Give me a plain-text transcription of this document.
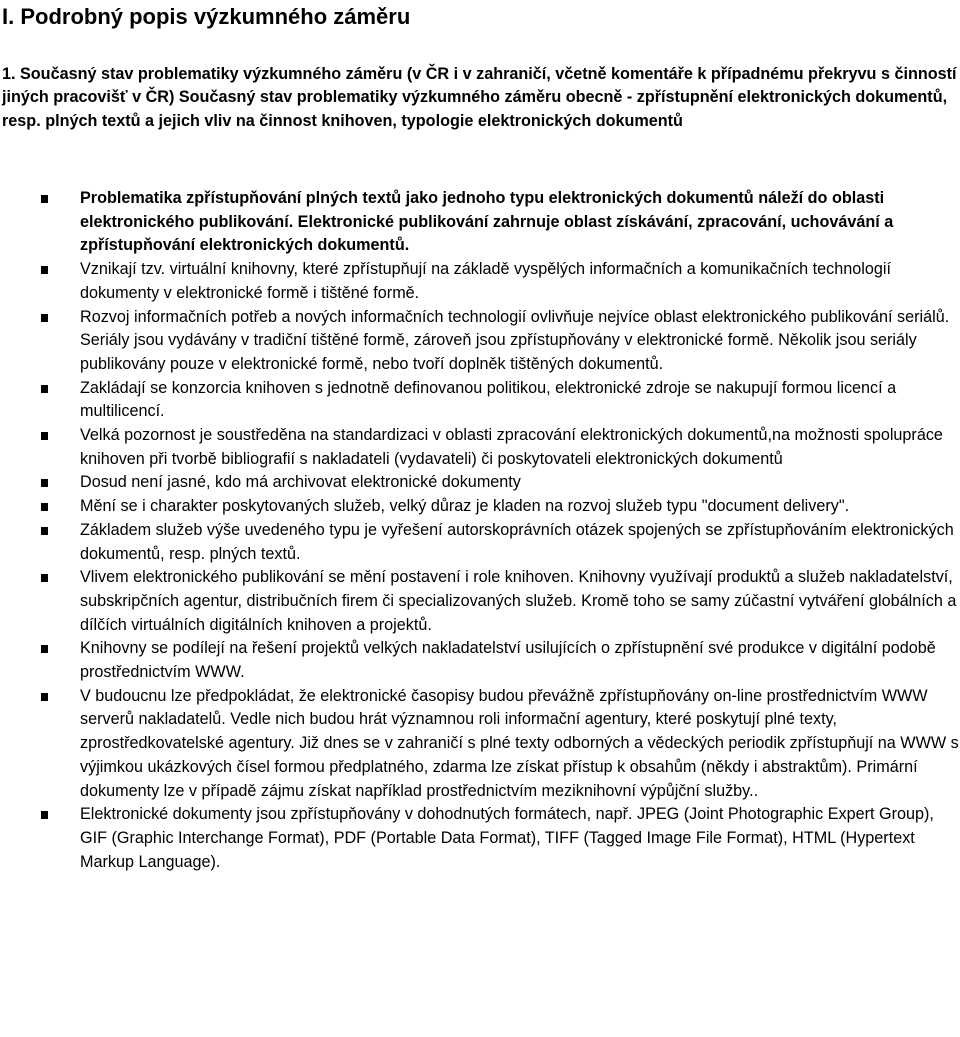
I. Podrobný popis výzkumného záměru
1. Současný stav problematiky výzkumného záměru (v ČR i v zahraničí, včetně komentáře k případnému překryvu s činností jiných pracovišť v ČR) Současný stav problematiky výzkumného záměru obecně - zpřístupnění elektronických dokumentů, resp. plných textů a jejich vliv na činnost knihoven, typologie elektronických dokumentů
Problematika zpřístupňování plných textů jako jednoho typu elektronických dokumentů náleží do oblasti elektronického publikování. Elektronické publikování zahrnuje oblast získávání, zpracování, uchovávání a zpřístupňování elektronických dokumentů.
Vznikají tzv. virtuální knihovny, které zpřístupňují na základě vyspělých informačních a komunikačních technologií dokumenty v elektronické formě i tištěné formě.
Rozvoj informačních potřeb a nových informačních technologií ovlivňuje nejvíce oblast elektronického publikování seriálů. Seriály jsou vydávány v tradiční tištěné formě, zároveň jsou zpřístupňovány v elektronické formě. Několik jsou seriály publikovány pouze v elektronické formě, nebo tvoří doplněk tištěných dokumentů.
Zakládají se konzorcia knihoven s jednotně definovanou politikou, elektronické zdroje se nakupují formou licencí a multilicencí.
Velká pozornost je soustředěna na standardizaci v oblasti zpracování elektronických dokumentů,na možnosti spolupráce knihoven při tvorbě bibliografií s nakladateli (vydavateli) či poskytovateli elektronických dokumentů
Dosud není jasné, kdo má archivovat elektronické dokumenty
Mění se i charakter poskytovaných služeb, velký důraz je kladen na rozvoj služeb typu "document delivery".
Základem služeb výše uvedeného typu je vyřešení autorskoprávních otázek spojených se zpřístupňováním elektronických dokumentů, resp. plných textů.
Vlivem elektronického publikování se mění postavení i role knihoven. Knihovny využívají produktů a služeb nakladatelství, subskripčních agentur, distribučních firem či specializovaných služeb. Kromě toho se samy zúčastní vytváření globálních a dílčích virtuálních digitálních knihoven a projektů.
Knihovny se podílejí na řešení projektů velkých nakladatelství usilujících o zpřístupnění své produkce v digitální podobě prostřednictvím WWW.
V budoucnu lze předpokládat, že elektronické časopisy budou převážně zpřístupňovány on-line prostřednictvím WWW serverů nakladatelů. Vedle nich budou hrát významnou roli informační agentury, které poskytují plné texty, zprostředkovatelské agentury. Již dnes se v zahraničí s plné texty odborných a vědeckých periodik zpřístupňují na WWW s výjimkou ukázkových čísel formou předplatného, zdarma lze získat přístup k obsahům (někdy i abstraktům). Primární dokumenty lze v případě zájmu získat například prostřednictvím meziknihovní výpůjční služby..
Elektronické dokumenty jsou zpřístupňovány v dohodnutých formátech, např. JPEG (Joint Photographic Expert Group), GIF (Graphic Interchange Format), PDF (Portable Data Format), TIFF (Tagged Image File Format), HTML (Hypertext Markup Language).
